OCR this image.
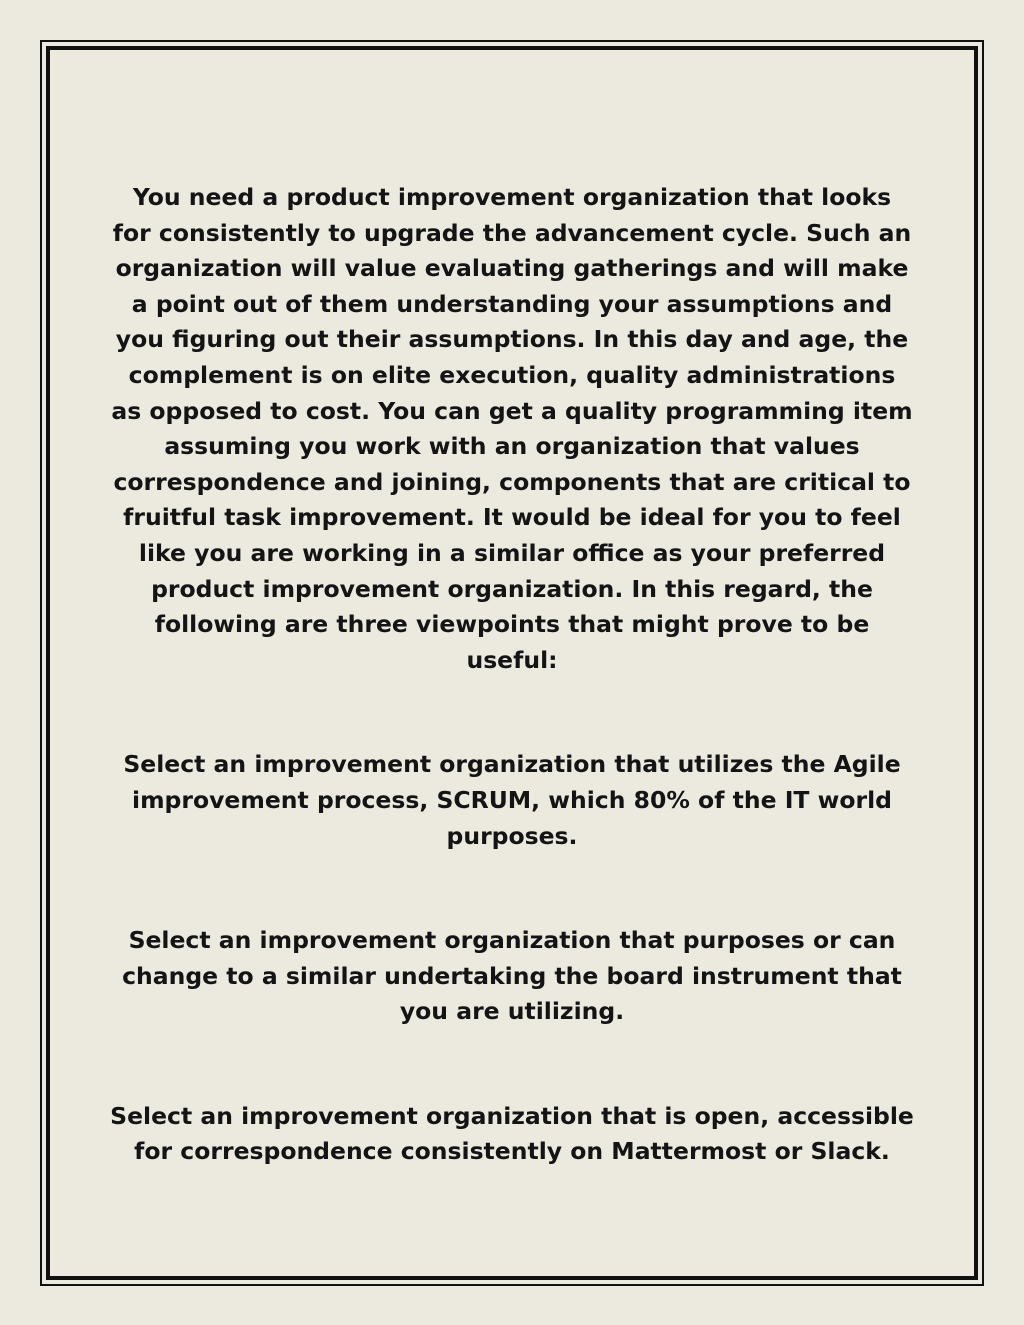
You need a product improvement organization that looks for consistently to upgrade the advancement cycle. Such an organization will value evaluating gatherings and will make a point out of them understanding your assumptions and you figuring out their assumptions. In this day and age, the complement is on elite execution, quality administrations as opposed to cost. You can get a quality programming item assuming you work with an organization that values correspondence and joining, components that are critical to fruitful task improvement. It would be ideal for you to feel like you are working in a similar office as your preferred product improvement organization. In this regard, the following are three viewpoints that might prove to be useful:

Select an improvement organization that utilizes the Agile improvement process, SCRUM, which 80% of the IT world purposes.

Select an improvement organization that purposes or can change to a similar undertaking the board instrument that you are utilizing.

Select an improvement organization that is open, accessible for correspondence consistently on Mattermost or Slack.
